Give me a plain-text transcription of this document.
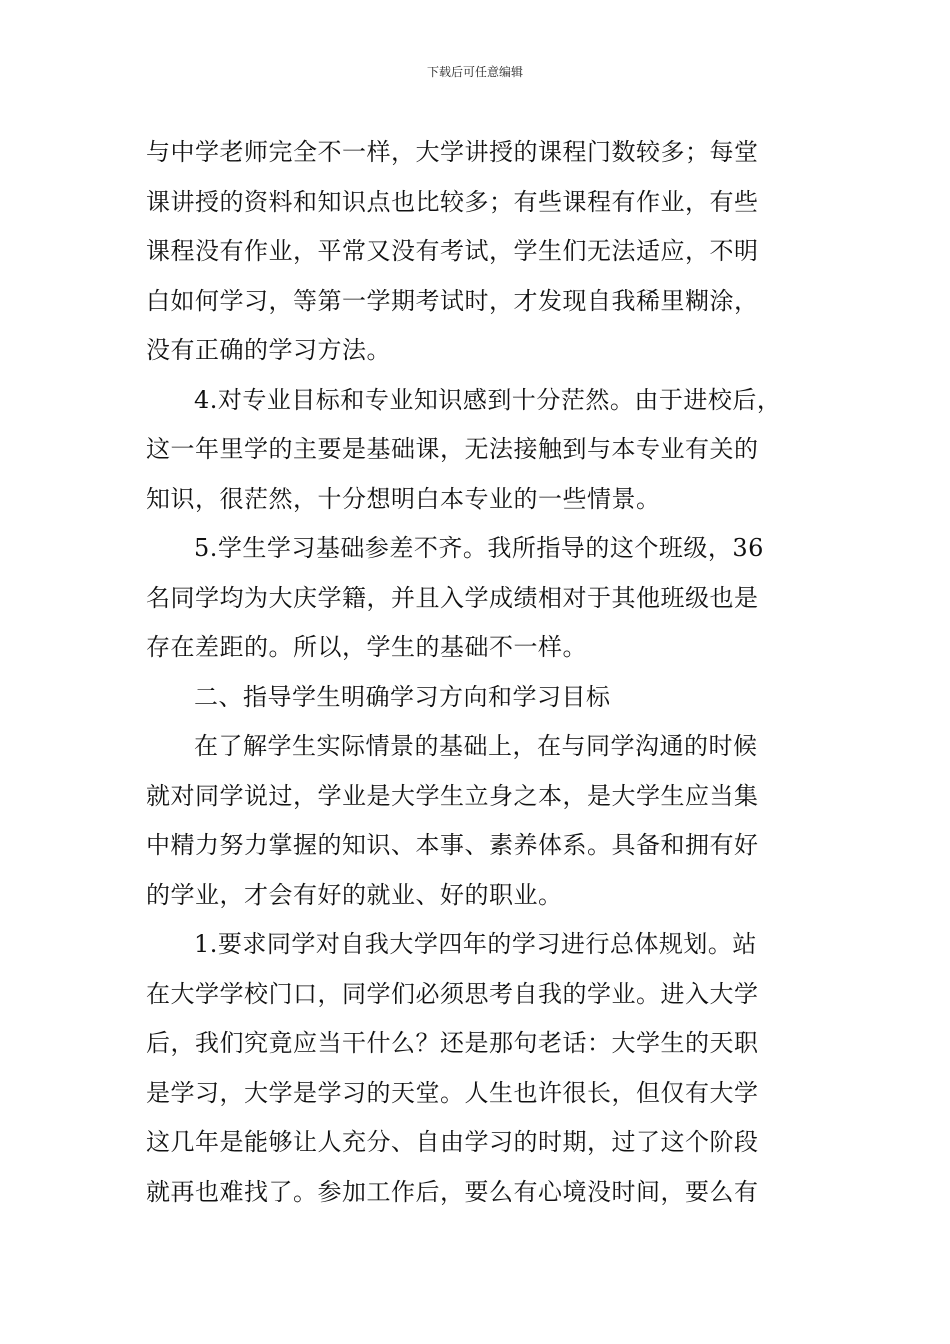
下载后可任意编辑
与中学老师完全不一样，大学讲授的课程门数较多；每堂
课讲授的资料和知识点也比较多；有些课程有作业，有些
课程没有作业，平常又没有考试，学生们无法适应，不明
白如何学习，等第一学期考试时，才发现自我稀里糊涂，
没有正确的学习方法。
4.对专业目标和专业知识感到十分茫然。由于进校后，
这一年里学的主要是基础课，无法接触到与本专业有关的
知识，很茫然，十分想明白本专业的一些情景。
5.学生学习基础参差不齐。我所指导的这个班级，36
名同学均为大庆学籍，并且入学成绩相对于其他班级也是
存在差距的。所以，学生的基础不一样。
二、指导学生明确学习方向和学习目标
在了解学生实际情景的基础上，在与同学沟通的时候
就对同学说过，学业是大学生立身之本，是大学生应当集
中精力努力掌握的知识、本事、素养体系。具备和拥有好
的学业，才会有好的就业、好的职业。
1.要求同学对自我大学四年的学习进行总体规划。站
在大学学校门口，同学们必须思考自我的学业。进入大学
后，我们究竟应当干什么？还是那句老话：大学生的天职
是学习，大学是学习的天堂。人生也许很长，但仅有大学
这几年是能够让人充分、自由学习的时期，过了这个阶段
就再也难找了。参加工作后，要么有心境没时间，要么有
